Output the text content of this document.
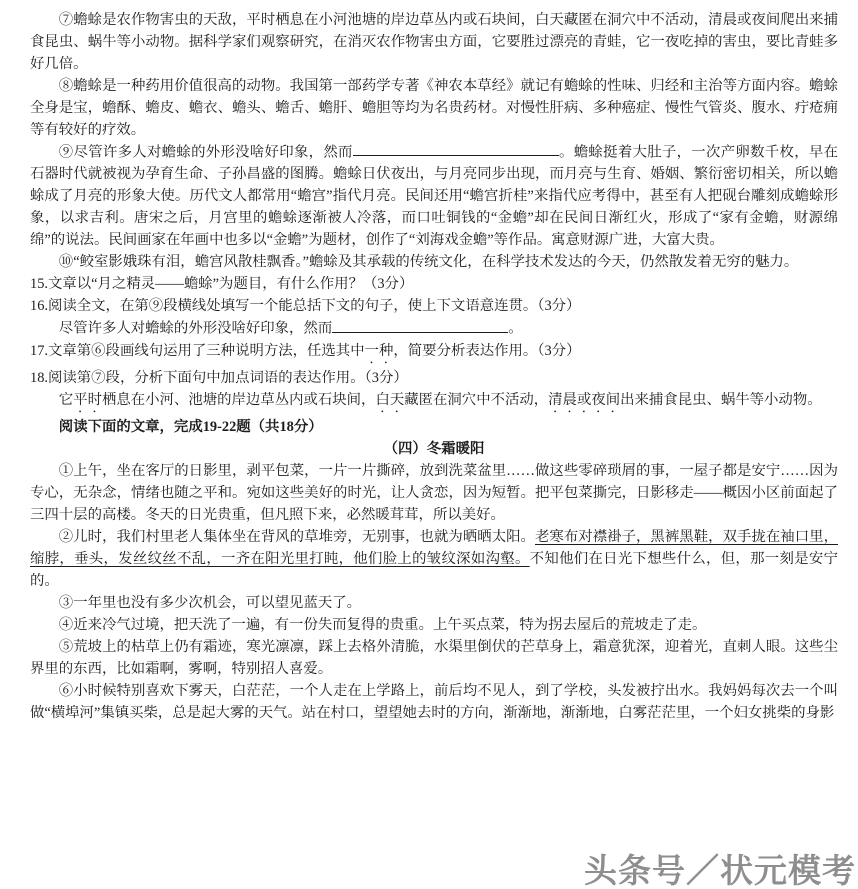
⑦蟾蜍是农作物害虫的天敌，平时栖息在小河池塘的岸边草丛内或石块间，白天藏匿在洞穴中不活动，清晨或夜间爬出来捕食昆虫、蜗牛等小动物。据科学家们观察研究，在消灭农作物害虫方面，它要胜过漂亮的青蛙，它一夜吃掉的害虫，要比青蛙多好几倍。

⑧蟾蜍是一种药用价值很高的动物。我国第一部药学专著《神农本草经》就记有蟾蜍的性味、归经和主治等方面内容。蟾蜍全身是宝，蟾酥、蟾皮、蟾衣、蟾头、蟾舌、蟾肝、蟾胆等均为名贵药材。对慢性肝病、多种癌症、慢性气管炎、腹水、疔疮痈等有较好的疗效。

⑨尽管许多人对蟾蜍的外形没啥好印象，然而	。蟾蜍挺着大肚子，一次产卵数千枚，早在石器时代就被视为孕育生命、子孙昌盛的图腾。蟾蜍日伏夜出，与月亮同步出现，而月亮与生育、婚姻、繁衍密切相关，所以蟾蜍成了月亮的形象大使。历代文人都常用“蟾宫”指代月亮。民间还用“蟾宫折桂”来指代应考得中，甚至有人把砚台雕刻成蟾蜍形象，以求吉利。唐宋之后，月宫里的蟾蜍逐渐被人冷落，而口吐铜钱的“金蟾”却在民间日渐红火，形成了“家有金蟾，财源绵绵”的说法。民间画家在年画中也多以“金蟾”为题材，创作了“刘海戏金蟾”等作品。寓意财源广进，大富大贵。

⑩“鲛室影娥珠有泪，蟾宫风散桂飘香。”蟾蜍及其承载的传统文化，在科学技术发达的今天，仍然散发着无穷的魅力。

15.文章以“月之精灵——蟾蜍”为题目，有什么作用？（3分）

16.阅读全文，在第⑨段横线处填写一个能总括下文的句子，使上下文语意连贯。（3分）

尽管许多人对蟾蜍的外形没啥好印象，然而	。

17.文章第⑥段画线句运用了三种说明方法，任选其中一种，简要分析表达作用。（3分）

18.阅读第⑦段，分析下面句中加点词语的表达作用。（3分）

它平时栖息在小河、池塘的岸边草丛内或石块间，白天藏匿在洞穴中不活动，清晨或夜间出来捕食昆虫、蜗牛等小动物。

阅读下面的文章，完成19-22题（共18分）

（四）冬霜暖阳

①上午，坐在客厅的日影里，剥平包菜，一片一片撕碎，放到洗菜盆里……做这些零碎琐屑的事，一屋子都是安宁……因为专心，无杂念，情绪也随之平和。宛如这些美好的时光，让人贪恋，因为短暂。把平包菜撕完，日影移走——概因小区前面起了三四十层的高楼。冬天的日光贵重，但凡照下来，必然暖茸茸，所以美好。

②儿时，我们村里老人集体坐在背风的草堆旁，无别事，也就为晒晒太阳。老寒布对襟褂子，黑裤黑鞋，双手拢在袖口里，缩脖，垂头，发丝纹丝不乱，一齐在阳光里打盹，他们脸上的皱纹深如沟壑。不知他们在日光下想些什么，但，那一刻是安宁的。

③一年里也没有多少次机会，可以望见蓝天了。

④近来冷气过境，把天洗了一遍，有一份失而复得的贵重。上午买点菜，特为拐去屋后的荒坡走了走。

⑤荒坡上的枯草上仍有霜迹，寒光凛凛，踩上去格外清脆，水渠里倒伏的芒草身上，霜意犹深，迎着光，直刺人眼。这些尘界里的东西，比如霜啊，雾啊，特别招人喜爱。

⑥小时候特别喜欢下雾天，白茫茫，一个人走在上学路上，前后均不见人，到了学校，头发被拧出水。我妈妈每次去一个叫做“横埠河”集镇买柴，总是起大雾的天气。站在村口，望望她去时的方向，渐渐地，渐渐地，白雾茫茫里，一个妇女挑柴的身影

头条号／状元模考
